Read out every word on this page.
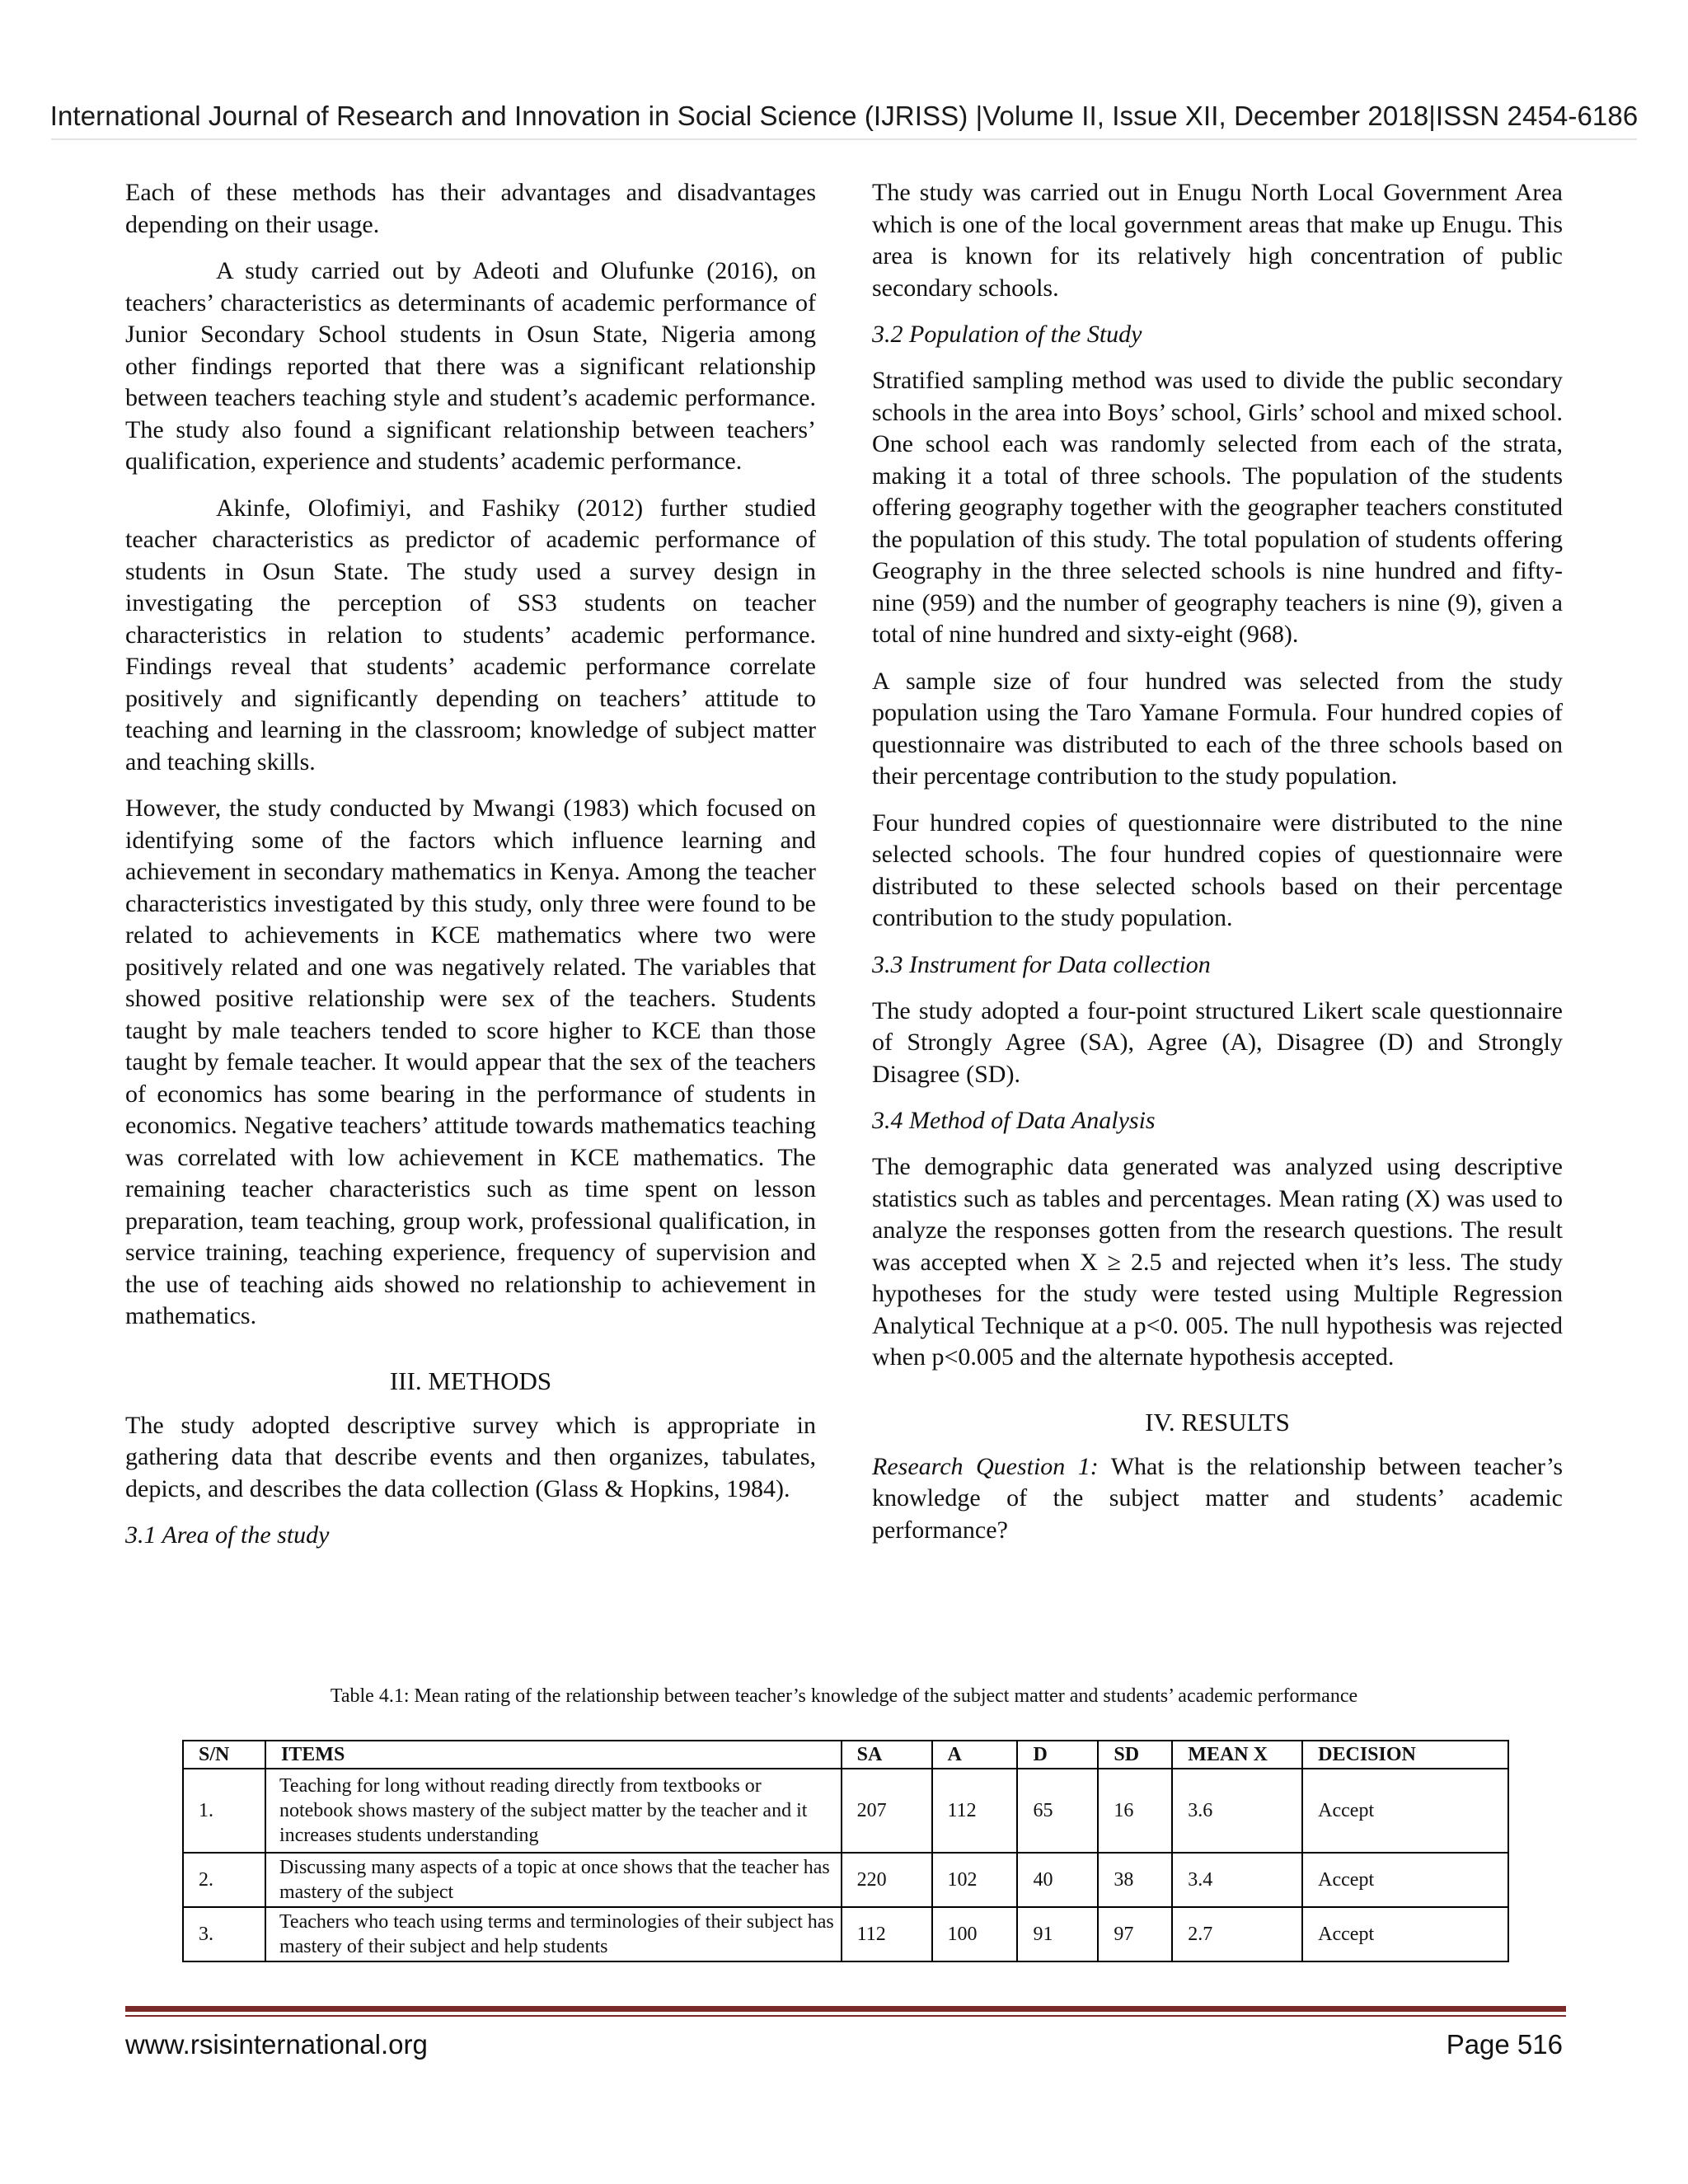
International Journal of Research and Innovation in Social Science (IJRISS) |Volume II, Issue XII, December 2018|ISSN 2454-6186

Each of these methods has their advantages and disadvantages depending on their usage.

A study carried out by Adeoti and Olufunke (2016), on teachers’ characteristics as determinants of academic performance of Junior Secondary School students in Osun State, Nigeria among other findings reported that there was a significant relationship between teachers teaching style and student’s academic performance. The study also found a significant relationship between teachers’ qualification, experience and students’ academic performance.

Akinfe, Olofimiyi, and Fashiky (2012) further studied teacher characteristics as predictor of academic performance of students in Osun State. The study used a survey design in investigating the perception of SS3 students on teacher characteristics in relation to students’ academic performance. Findings reveal that students’ academic performance correlate positively and significantly depending on teachers’ attitude to teaching and learning in the classroom; knowledge of subject matter and teaching skills.

However, the study conducted by Mwangi (1983) which focused on identifying some of the factors which influence learning and achievement in secondary mathematics in Kenya. Among the teacher characteristics investigated by this study, only three were found to be related to achievements in KCE mathematics where two were positively related and one was negatively related. The variables that showed positive relationship were sex of the teachers. Students taught by male teachers tended to score higher to KCE than those taught by female teacher. It would appear that the sex of the teachers of economics has some bearing in the performance of students in economics. Negative teachers’ attitude towards mathematics teaching was correlated with low achievement in KCE mathematics. The remaining teacher characteristics such as time spent on lesson preparation, team teaching, group work, professional qualification, in service training, teaching experience, frequency of supervision and the use of teaching aids showed no relationship to achievement in mathematics.

III. METHODS

The study adopted descriptive survey which is appropriate in gathering data that describe events and then organizes, tabulates, depicts, and describes the data collection (Glass & Hopkins, 1984).

3.1 Area of the study

The study was carried out in Enugu North Local Government Area which is one of the local government areas that make up Enugu. This area is known for its relatively high concentration of public secondary schools.

3.2 Population of the Study

Stratified sampling method was used to divide the public secondary schools in the area into Boys’ school, Girls’ school and mixed school. One school each was randomly selected from each of the strata, making it a total of three schools. The population of the students offering geography together with the geographer teachers constituted the population of this study. The total population of students offering Geography in the three selected schools is nine hundred and fifty-nine (959) and the number of geography teachers is nine (9), given a total of nine hundred and sixty-eight (968).

A sample size of four hundred was selected from the study population using the Taro Yamane Formula. Four hundred copies of questionnaire was distributed to each of the three schools based on their percentage contribution to the study population.

Four hundred copies of questionnaire were distributed to the nine selected schools. The four hundred copies of questionnaire were distributed to these selected schools based on their percentage contribution to the study population.

3.3 Instrument for Data collection

The study adopted a four-point structured Likert scale questionnaire of Strongly Agree (SA), Agree (A), Disagree (D) and Strongly Disagree (SD).

3.4 Method of Data Analysis

The demographic data generated was analyzed using descriptive statistics such as tables and percentages. Mean rating (X) was used to analyze the responses gotten from the research questions. The result was accepted when X ≥ 2.5 and rejected when it’s less. The study hypotheses for the study were tested using Multiple Regression Analytical Technique at a p<0. 005. The null hypothesis was rejected when p<0.005 and the alternate hypothesis accepted.

IV. RESULTS

Research Question 1: What is the relationship between teacher’s knowledge of the subject matter and students’ academic performance?

Table 4.1: Mean rating of the relationship between teacher’s knowledge of the subject matter and students’ academic performance
S/N	ITEMS	SA	A	D	SD	MEAN X	DECISION
1.	Teaching for long without reading directly from textbooks or notebook shows mastery of the subject matter by the teacher and it increases students understanding	207	112	65	16	3.6	Accept
2.	Discussing many aspects of a topic at once shows that the teacher has mastery of the subject	220	102	40	38	3.4	Accept
3.	Teachers who teach using terms and terminologies of their subject has mastery of their subject and help students	112	100	91	97	2.7	Accept
www.rsisinternational.org	Page 516
